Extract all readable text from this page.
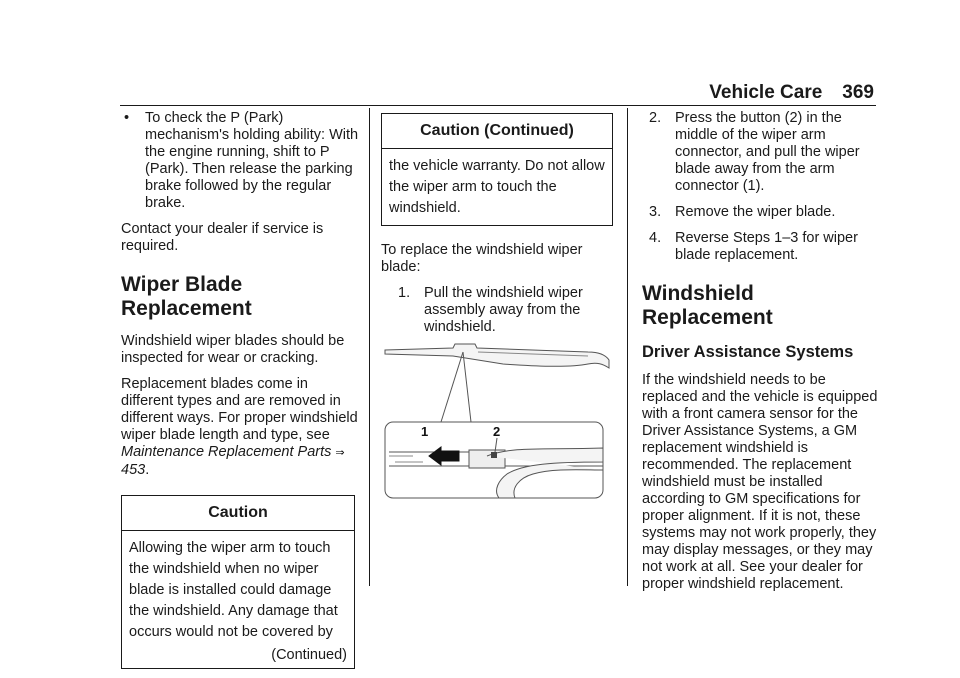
Vehicle Care 369
• To check the P (Park) mechanism's holding ability: With the engine running, shift to P (Park). Then release the parking brake followed by the regular brake.

Contact your dealer if service is required.

Wiper Blade Replacement

Windshield wiper blades should be inspected for wear or cracking.

Replacement blades come in different types and are removed in different ways. For proper windshield wiper blade length and type, see Maintenance Replacement Parts ⇒ 453.

Caution
Allowing the wiper arm to touch the windshield when no wiper blade is installed could damage the windshield. Any damage that occurs would not be covered by
(Continued)
Caution (Continued)
the vehicle warranty. Do not allow the wiper arm to touch the windshield.

To replace the windshield wiper blade:

1. Pull the windshield wiper assembly away from the windshield.
1	2
2. Press the button (2) in the middle of the wiper arm connector, and pull the wiper blade away from the arm connector (1).
3. Remove the wiper blade.
4. Reverse Steps 1–3 for wiper blade replacement.
Windshield Replacement
Driver Assistance Systems

If the windshield needs to be replaced and the vehicle is equipped with a front camera sensor for the Driver Assistance Systems, a GM replacement windshield is recommended. The replacement windshield must be installed according to GM specifications for proper alignment. If it is not, these systems may not work properly, they may display messages, or they may not work at all. See your dealer for proper windshield replacement.
